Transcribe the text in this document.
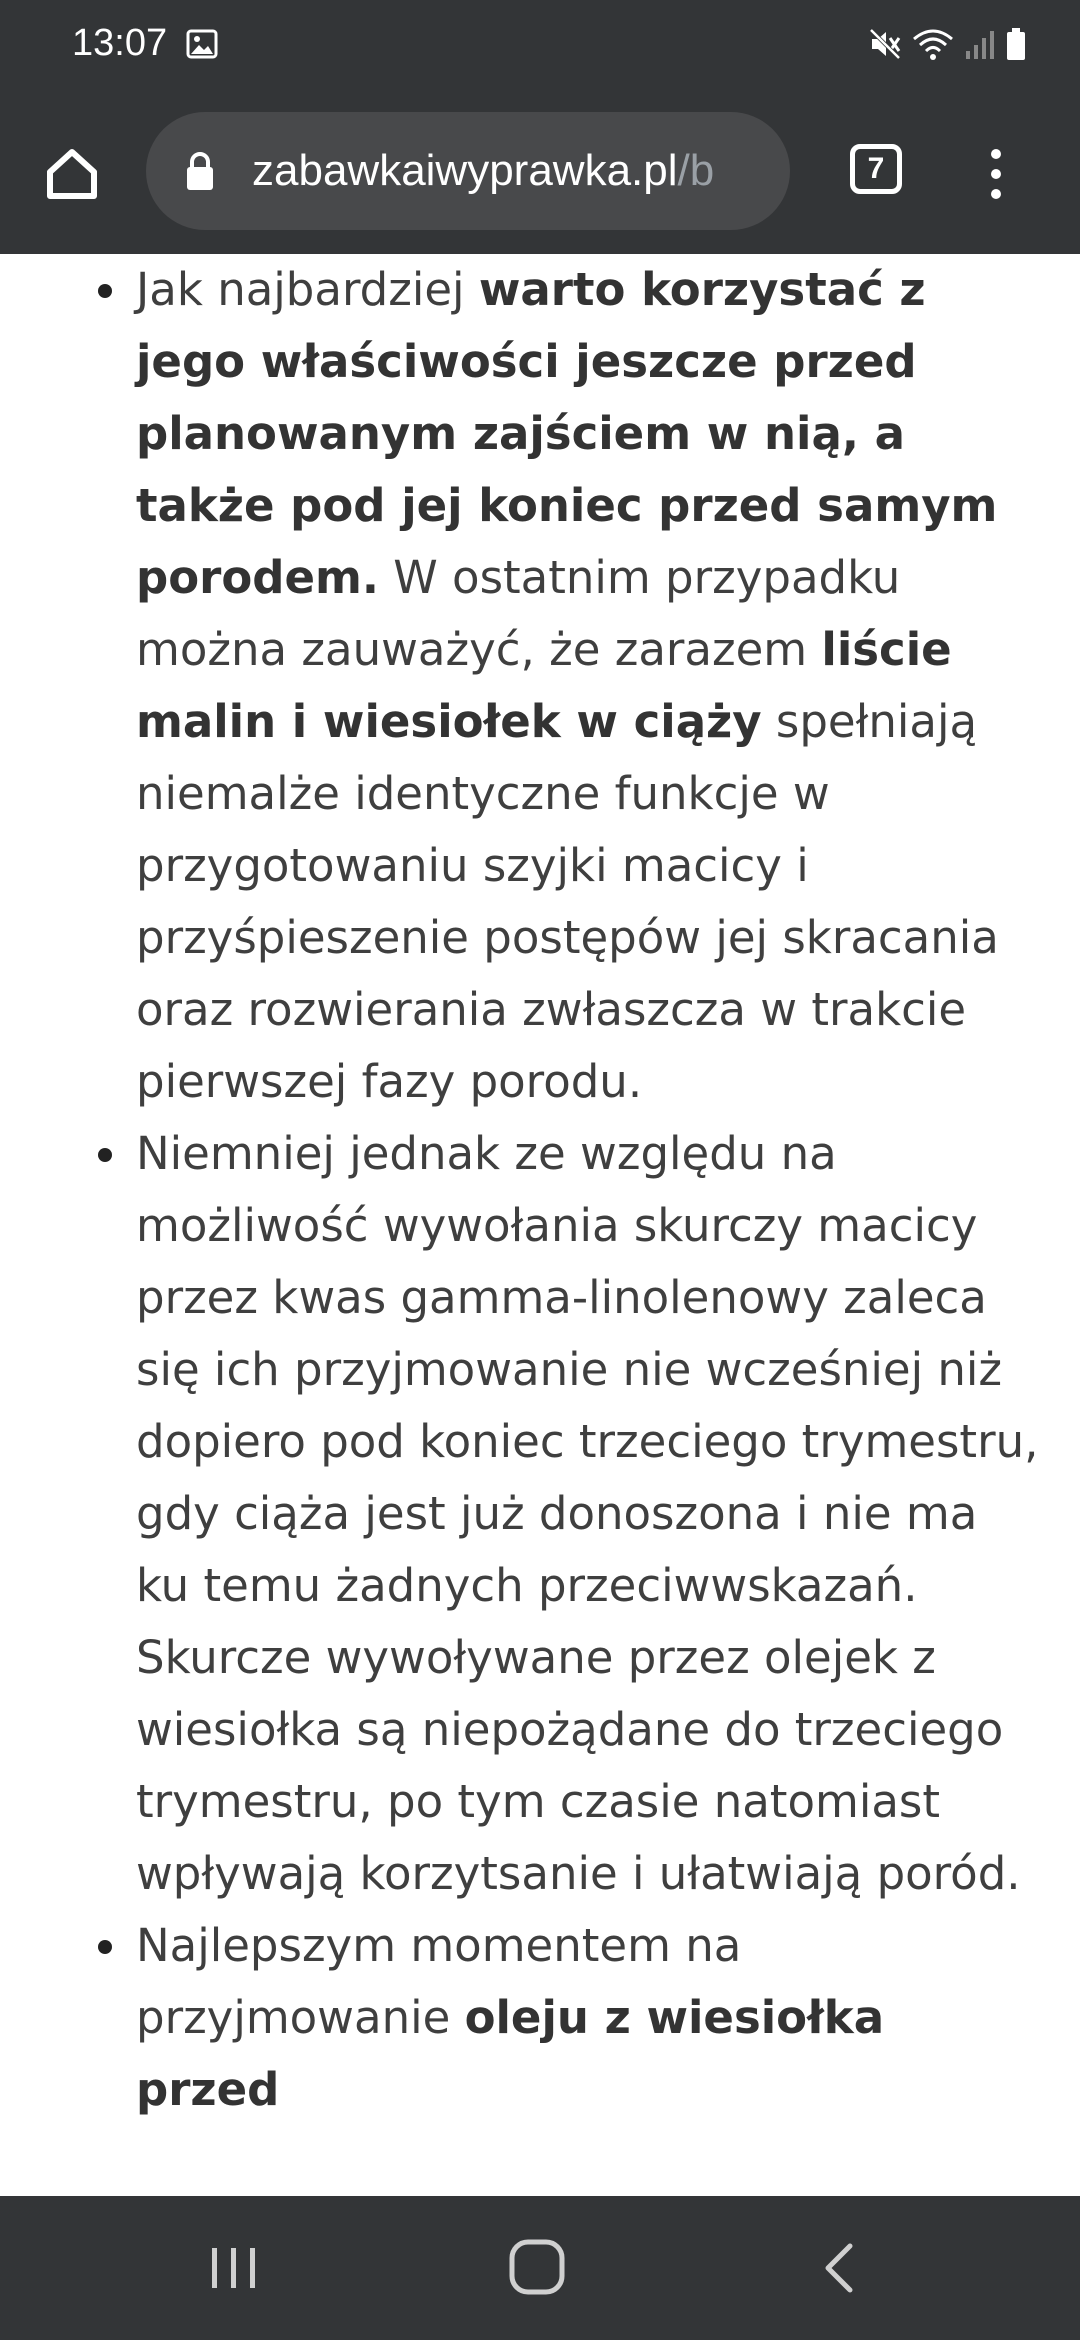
13:07
zabawkaiwyprawka.pl/b	7
Jak najbardziej warto korzystać z jego właściwości jeszcze przed planowanym zajściem w nią, a także pod jej koniec przed samym porodem. W ostatnim przypadku można zauważyć, że zarazem liście malin i wiesiołek w ciąży spełniają niemalże identyczne funkcje w przygotowaniu szyjki macicy i przyśpieszenie postępów jej skracania oraz rozwierania zwłaszcza w trakcie pierwszej fazy porodu.
Niemniej jednak ze względu na możliwość wywołania skurczy macicy przez kwas gamma-linolenowy zaleca się ich przyjmowanie nie wcześniej niż dopiero pod koniec trzeciego trymestru, gdy ciąża jest już donoszona i nie ma ku temu żadnych przeciwwskazań. Skurcze wywoływane przez olejek z wiesiołka są niepożądane do trzeciego trymestru, po tym czasie natomiast wpływają korzytsanie i ułatwiają poród.
Najlepszym momentem na przyjmowanie oleju z wiesiołka przed
